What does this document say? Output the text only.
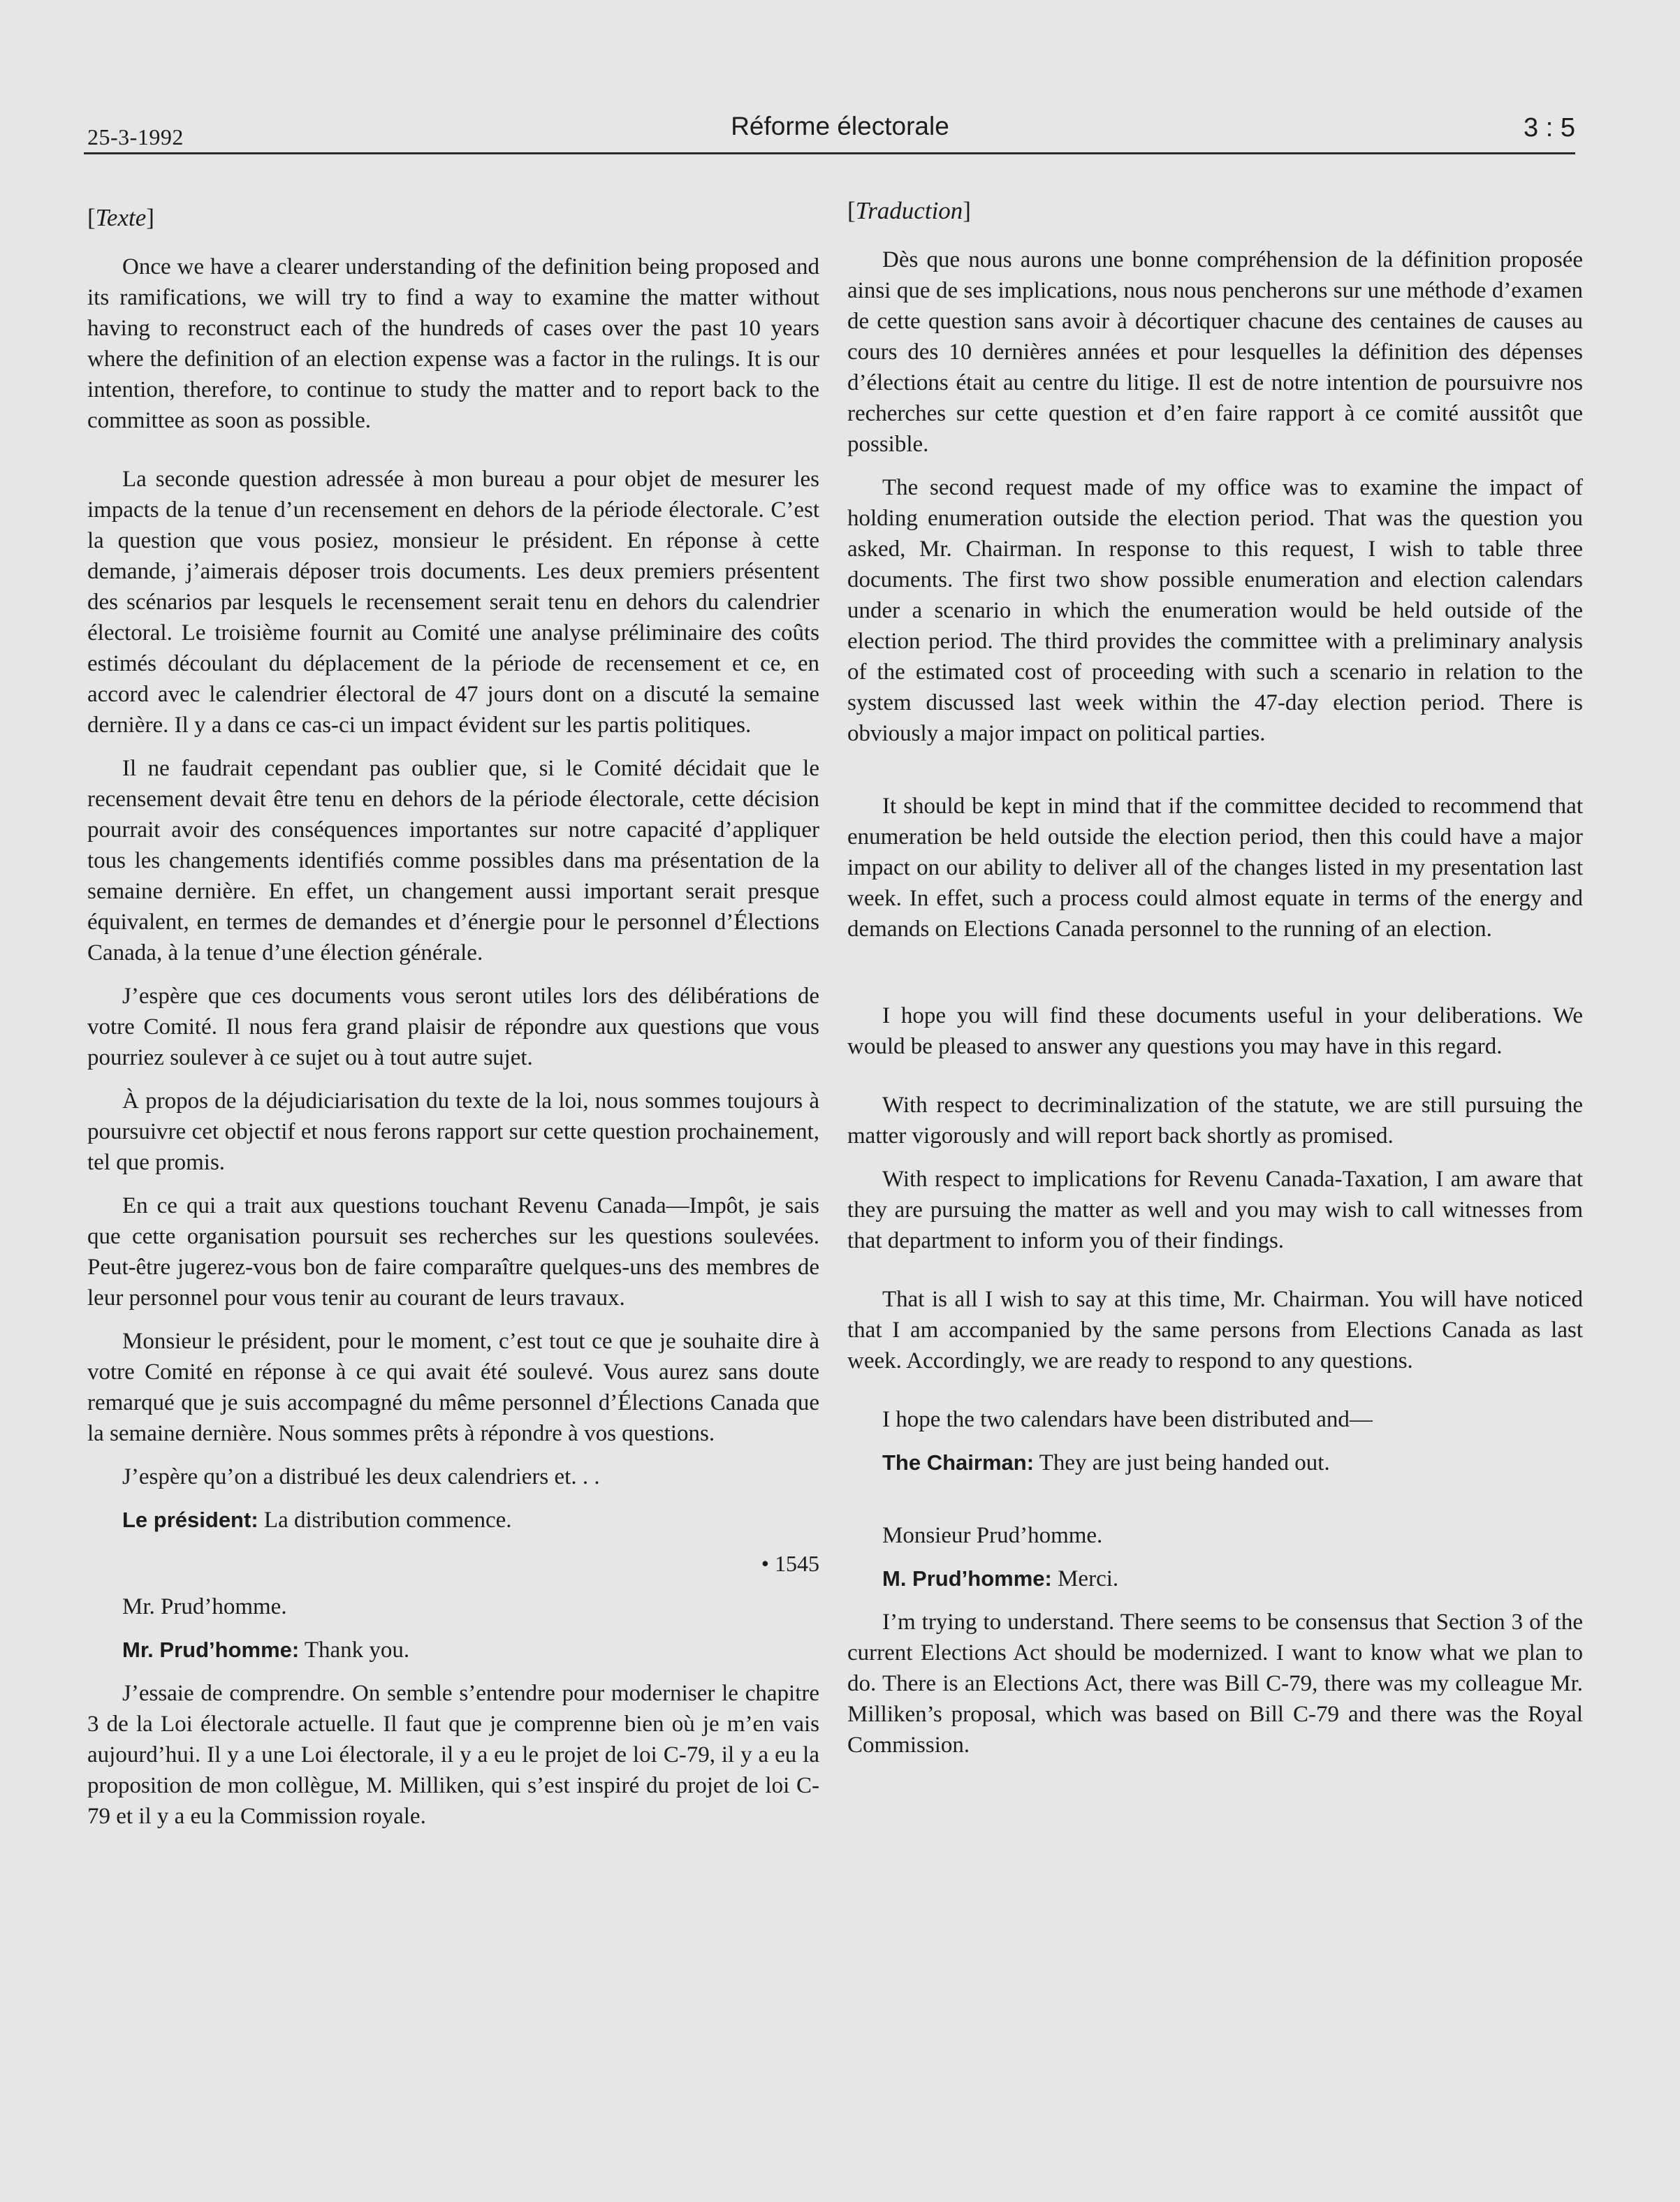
25-3-1992	Réforme électorale	3 : 5
[Texte]

Once we have a clearer understanding of the definition being proposed and its ramifications, we will try to find a way to examine the matter without having to reconstruct each of the hundreds of cases over the past 10 years where the definition of an election expense was a factor in the rulings. It is our intention, therefore, to continue to study the matter and to report back to the committee as soon as possible.

La seconde question adressée à mon bureau a pour objet de mesurer les impacts de la tenue d’un recensement en dehors de la période électorale. C’est la question que vous posiez, monsieur le président. En réponse à cette demande, j’aimerais déposer trois documents. Les deux premiers présentent des scénarios par lesquels le recensement serait tenu en dehors du calendrier électoral. Le troisième fournit au Comité une analyse préliminaire des coûts estimés découlant du déplacement de la période de recensement et ce, en accord avec le calendrier électoral de 47 jours dont on a discuté la semaine dernière. Il y a dans ce cas-ci un impact évident sur les partis politiques.

Il ne faudrait cependant pas oublier que, si le Comité décidait que le recensement devait être tenu en dehors de la période électorale, cette décision pourrait avoir des conséquences importantes sur notre capacité d’appliquer tous les changements identifiés comme possibles dans ma présentation de la semaine dernière. En effet, un changement aussi important serait presque équivalent, en termes de demandes et d’énergie pour le personnel d’Élections Canada, à la tenue d’une élection générale.

J’espère que ces documents vous seront utiles lors des délibérations de votre Comité. Il nous fera grand plaisir de répondre aux questions que vous pourriez soulever à ce sujet ou à tout autre sujet.

À propos de la déjudiciarisation du texte de la loi, nous sommes toujours à poursuivre cet objectif et nous ferons rapport sur cette question prochainement, tel que promis.

En ce qui a trait aux questions touchant Revenu Canada—Impôt, je sais que cette organisation poursuit ses recherches sur les questions soulevées. Peut-être jugerez-vous bon de faire comparaître quelques-uns des membres de leur personnel pour vous tenir au courant de leurs travaux.

Monsieur le président, pour le moment, c’est tout ce que je souhaite dire à votre Comité en réponse à ce qui avait été soulevé. Vous aurez sans doute remarqué que je suis accompagné du même personnel d’Élections Canada que la semaine dernière. Nous sommes prêts à répondre à vos questions.

J’espère qu’on a distribué les deux calendriers et. . .

Le président: La distribution commence.

• 1545

Mr. Prud’homme.

Mr. Prud’homme: Thank you.

J’essaie de comprendre. On semble s’entendre pour moderniser le chapitre 3 de la Loi électorale actuelle. Il faut que je comprenne bien où je m’en vais aujourd’hui. Il y a une Loi électorale, il y a eu le projet de loi C-79, il y a eu la proposition de mon collègue, M. Milliken, qui s’est inspiré du projet de loi C-79 et il y a eu la Commission royale.

[Traduction]

Dès que nous aurons une bonne compréhension de la définition proposée ainsi que de ses implications, nous nous pencherons sur une méthode d’examen de cette question sans avoir à décortiquer chacune des centaines de causes au cours des 10 dernières années et pour lesquelles la définition des dépenses d’élections était au centre du litige. Il est de notre intention de poursuivre nos recherches sur cette question et d’en faire rapport à ce comité aussitôt que possible.

The second request made of my office was to examine the impact of holding enumeration outside the election period. That was the question you asked, Mr. Chairman. In response to this request, I wish to table three documents. The first two show possible enumeration and election calendars under a scenario in which the enumeration would be held outside of the election period. The third provides the committee with a preliminary analysis of the estimated cost of proceeding with such a scenario in relation to the system discussed last week within the 47-day election period. There is obviously a major impact on political parties.

It should be kept in mind that if the committee decided to recommend that enumeration be held outside the election period, then this could have a major impact on our ability to deliver all of the changes listed in my presentation last week. In effet, such a process could almost equate in terms of the energy and demands on Elections Canada personnel to the running of an election.

I hope you will find these documents useful in your deliberations. We would be pleased to answer any questions you may have in this regard.

With respect to decriminalization of the statute, we are still pursuing the matter vigorously and will report back shortly as promised.

With respect to implications for Revenu Canada-Taxation, I am aware that they are pursuing the matter as well and you may wish to call witnesses from that department to inform you of their findings.

That is all I wish to say at this time, Mr. Chairman. You will have noticed that I am accompanied by the same persons from Elections Canada as last week. Accordingly, we are ready to respond to any questions.

I hope the two calendars have been distributed and—

The Chairman: They are just being handed out.

Monsieur Prud’homme.

M. Prud’homme: Merci.

I’m trying to understand. There seems to be consensus that Section 3 of the current Elections Act should be modernized. I want to know what we plan to do. There is an Elections Act, there was Bill C-79, there was my colleague Mr. Milliken’s proposal, which was based on Bill C-79 and there was the Royal Commission.
